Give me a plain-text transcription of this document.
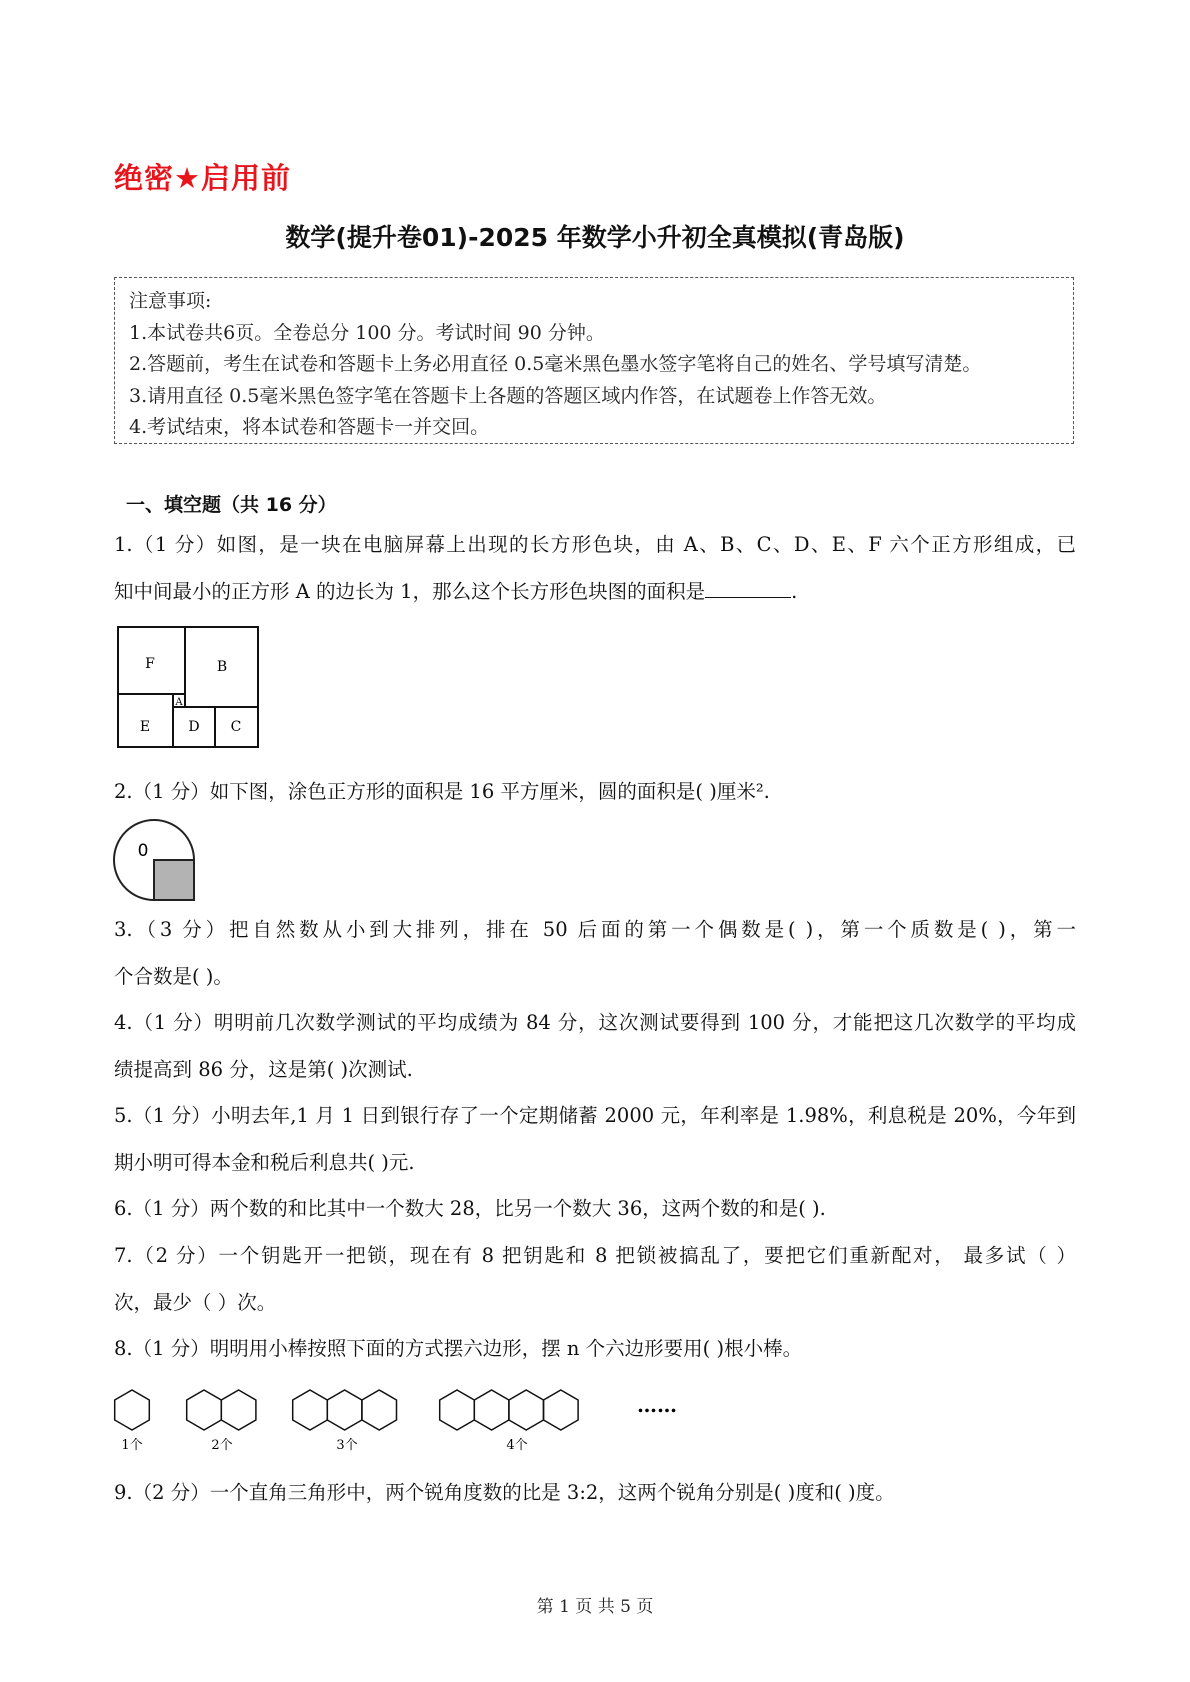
绝密★启用前
数学(提升卷01)-2025 年数学小升初全真模拟(青岛版)
注意事项:
1.本试卷共6页。全卷总分 100 分。考试时间 90 分钟。
2.答题前，考生在试卷和答题卡上务必用直径 0.5毫米黑色墨水签字笔将自己的姓名、学号填写清楚。
3.请用直径 0.5毫米黑色签字笔在答题卡上各题的答题区域内作答，在试题卷上作答无效。
4.考试结束，将本试卷和答题卡一并交回。
一、填空题（共 16 分）
1.（1 分）如图，是一块在电脑屏幕上出现的长方形色块，由 A、B、C、D、E、F 六个正方形组成，已
知中间最小的正方形 A 的边长为 1，那么这个长方形色块图的面积是	.
F	B
A
E	D C
2.（1 分）如下图，涂色正方形的面积是 16 平方厘米，圆的面积是( )厘米².
0
3.（3 分）把自然数从小到大排列，排在 50 后面的第一个偶数是( )，第一个质数是( )，第一
个合数是( )。
4.（1 分）明明前几次数学测试的平均成绩为 84 分，这次测试要得到 100 分，才能把这几次数学的平均成
绩提高到 86 分，这是第( )次测试.
5.（1 分）小明去年,1 月 1 日到银行存了一个定期储蓄 2000 元，年利率是 1.98%，利息税是 20%，今年到
期小明可得本金和税后利息共( )元.
6.（1 分）两个数的和比其中一个数大 28，比另一个数大 36，这两个数的和是( ).
7.（2 分）一个钥匙开一把锁，现在有 8 把钥匙和 8 把锁被搞乱了，要把它们重新配对， 最多试（ ）
次，最少（ ）次。
8.（1 分）明明用小棒按照下面的方式摆六边形，摆 n 个六边形要用( )根小棒。
1个	2个	3个	4个
……
9.（2 分）一个直角三角形中，两个锐角度数的比是 3:2，这两个锐角分别是( )度和( )度。
第 1 页 共 5 页
